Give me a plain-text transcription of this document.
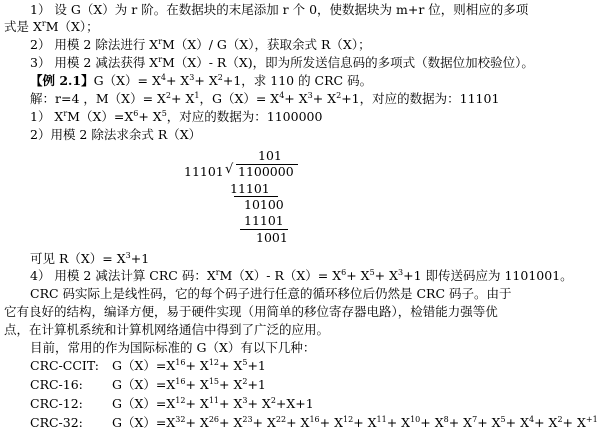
1） 设 G（X）为 r 阶。在数据块的末尾添加 r 个 0，使数据块为 m+r 位，则相应的多项
式是 $X^rM(X)$；
2） 用模 2 除法进行 $X^rM(X)/$ G（X），获取余式 R（X）；
3） 用模 2 减法获得 $X^rM(X)-$ R（X)，即为所发送信息码的多项式（数据位加校验位）。
【例 2.1】$G(X)= X^4+ X^3+ X^2+1$，求 110 的 CRC 码。
解：r=4 ，$M(X)= X^2+ X^1$，$G(X)= X^4+ X^3+ X^2+1$，对应的数据为：11101
1） $X^rM(X)=X^6+ X^5$，对应的数据为：1100000
2）用模 2 除法求余式 R（X）
101
11101 √ 1100000
11101
10100
11101
1001
可见 $R(X)= X^3+1$
4） 用模 2 减法计算 CRC 码：$X^rM(X)-$ $R(X)= X^6+ X^5+ X^3+1$ 即传送码应为 1101001。
CRC 码实际上是线性码，它的每个码子进行任意的循环移位后仍然是 CRC 码子。由于
它有良好的结构，编译方便，易于硬件实现（用简单的移位寄存器电路），检错能力强等优
点，在计算机系统和计算机网络通信中得到了广泛的应用。
目前，常用的作为国际标准的 G（X）有以下几种：
CRC-CCIT: $G(X)=X^{16}+ X^{12}+ X^5+1$
CRC-16: $G(X)=X^{16}+ X^{15}+ X^2+1$
CRC-12: $G(X)=X^{12}+ X^{11}+ X^3+ X^2+X+1$
CRC-32: $G(X)=X^{32}+ X^{26}+ X^{23}+ X^{22}+ X^{16}+ X^{12}+ X^{11}+ X^{10}+ X^8+ X^7+ X^5+ X^4+ X^2+ X^{+1}$
